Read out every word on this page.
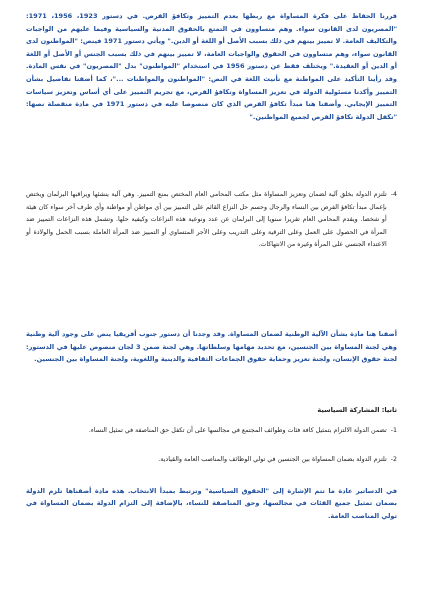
قررنا الحفاظ على فكرة المساواة مع ربطها بعدم التمييز وتكافؤ الفرص. في دستور 1923، 1956، 1971: "المصريون لدى القانون سواء. وهم متساوون في التمتع بالحقوق المدنية والسياسية وفيما عليهم من الواجبات والتكاليف العامة. لا تمييز بينهم في ذلك بسبب الأصل أو اللغة أو الدين." ويأتي دستور 1971 فينص: "المواطنون لدى القانون سواء، وهم متساوون في الحقوق والواجبات العامة، لا تمييز بينهم في ذلك بسبب الجنس أو الأصل أو اللغة أو الدين أو العقيدة." ويختلف فقط عن دستور 1956 في استخدام "المواطنون" بدل "المصريون" في نفس المادة. وقد رأينا التأكيد على المواطنة مع تأنيث اللغة في النص: "المواطنون والمواطنات ..."، كما أضفنا تفاصيل بشأن التمييز وأكدنا مسئولية الدولة في تعزيز المساواة وتكافؤ الفرص، مع تجريم التمييز على أي أساس وتعزيز سياسات التمييز الإيجابي. وأضفنا هنا مبدأ تكافؤ الفرص الذي كان منصوصا عليه في دستور 1971 في مادة منفصلة نصها: "تكفل الدولة تكافؤ الفرص لجميع المواطنين."

4-
تلتزم الدولة بخلق آلية لضمان وتعزيز المساواة مثل مكتب المحامي العام المختص بمنع التمييز. وهي آلية ينشئها ويراقبها البرلمان ويختص بإعمال مبدأ تكافؤ الفرص بين النساء والرجال وحسم حل النزاع القائم على التمييز بين أي مواطن أو مواطنة وأي طرف آخر سواء كان هيئة أو شخصا. ويقدم المحامي العام تقريرا سنويا إلى البرلمان عن عدد ونوعية هذه النزاعات وكيفية حلها. وتشمل هذه النزاعات التمييز ضد المرأة في الحصول على العمل وعلى الترقية وعلى التدريب وعلى الأجر المتساوي أو التمييز ضد المرأة العاملة بسبب الحمل والولادة أو الاعتداء الجنسي على المرأة وغيره من الانتهاكات.

أضفنا هنا مادة بشأن الآلية الوطنية لضمان المساواة. وقد وجدنا أن دستور جنوب أفريقيا ينص على وجود آلية وطنية وهي لجنة المساواة بين الجنسين، مع تحديد مهامها وسلطاتها. وهي لجنة ضمن 3 لجان منصوص عليها في الدستور: لجنة حقوق الإنسان، ولجنة تعزيز وحماية حقوق الجماعات الثقافية والدينية واللغوية، ولجنة المساواة بين الجنسين.

ثانيا: المشاركة السياسية

1-
تضمن الدولة الالتزام بتمثيل كافة فئات وطوائف المجتمع في مجالسها على أن تكفل حق المناصفة في تمثيل النساء.
2-
تلتزم الدولة بضمان المساواة بين الجنسين في تولي الوظائف والمناصب العامة والقيادية.

في الدساتير عادة ما تتم الإشارة إلى "الحقوق السياسية" وترتبط بمبدأ الانتخاب. هذه مادة أضفناها تلزم الدولة بضمان تمثيل جميع الفئات في مجالسها، وحق المناصفة للنساء، بالإضافة إلى التزام الدولة بضمان المساواة في تولي المناصب العامة.
